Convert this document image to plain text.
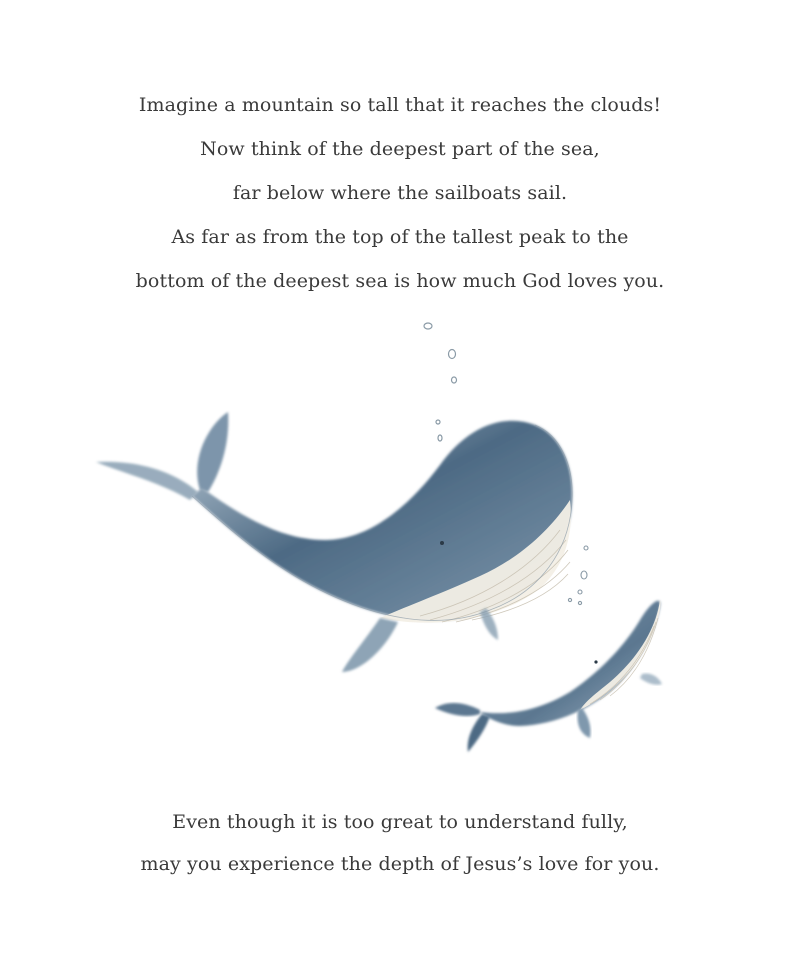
Imagine a mountain so tall that it reaches the clouds!
Now think of the deepest part of the sea,
far below where the sailboats sail.
As far as from the top of the tallest peak to the
bottom of the deepest sea is how much God loves you.
Even though it is too great to understand fully,
may you experience the depth of Jesus’s love for you.
